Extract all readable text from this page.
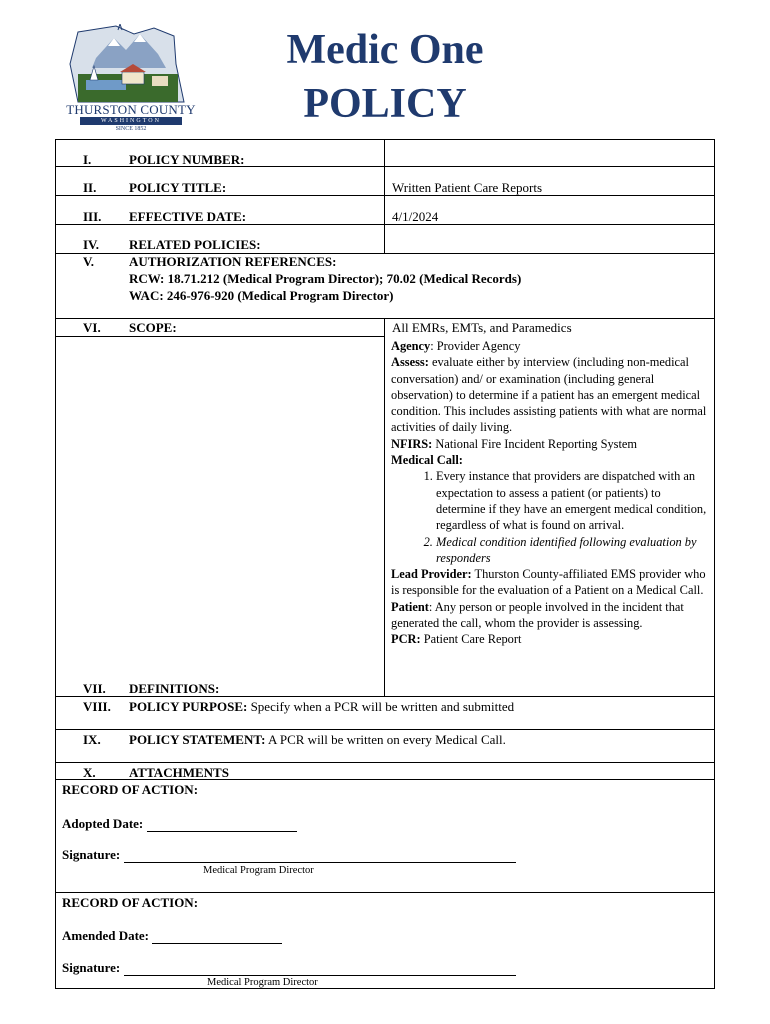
THURSTON COUNTY
WASHINGTON
SINCE 1852
Medic One
POLICY
I.	POLICY NUMBER:
II.	POLICY TITLE:	Written Patient Care Reports
III. EFFECTIVE DATE:	4/1/2024
IV. RELATED POLICIES:
V.	AUTHORIZATION REFERENCES:
RCW: 18.71.212 (Medical Program Director); 70.02 (Medical Records)
WAC: 246-976-920 (Medical Program Director)
VI. SCOPE:	All EMRs, EMTs, and Paramedics

Agency: Provider Agency

Assess: evaluate either by interview (including non-medical conversation) and/ or examination (including general observation) to determine if a patient has an emergent medical condition. This includes assisting patients with what are normal activities of daily living.

NFIRS: National Fire Incident Reporting System

Medical Call:

1. Every instance that providers are dispatched with an expectation to assess a patient (or patients) to determine if they have an emergent medical condition, regardless of what is found on arrival.
2. Medical condition identified following evaluation by responders

Lead Provider: Thurston County-affiliated EMS provider who is responsible for the evaluation of a Patient on a Medical Call.

Patient: Any person or people involved in the incident that generated the call, whom the provider is assessing.

PCR: Patient Care Report

VII. DEFINITIONS:
VIII. POLICY PURPOSE: Specify when a PCR will be written and submitted
IX. POLICY STATEMENT: A PCR will be written on every Medical Call.
X.	ATTACHMENTS
RECORD OF ACTION:
Adopted Date:
Signature:
Medical Program Director
RECORD OF ACTION:
Amended Date:
Signature:
Medical Program Director
